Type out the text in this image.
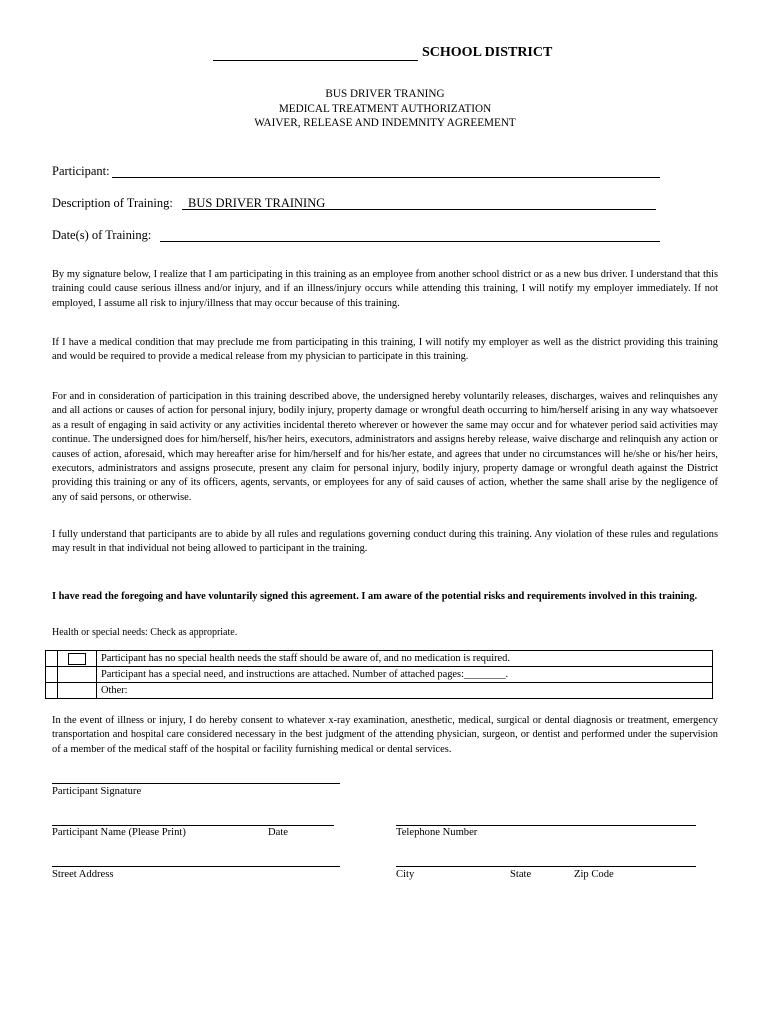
SCHOOL DISTRICT
BUS DRIVER TRANING
MEDICAL TREATMENT AUTHORIZATION
WAIVER, RELEASE AND INDEMNITY AGREEMENT
Participant:
Description of Training: BUS DRIVER TRAINING
Date(s) of Training:
By my signature below, I realize that I am participating in this training as an employee from another school district or as a new bus driver. I understand that this training could cause serious illness and/or injury, and if an illness/injury occurs while attending this training, I will notify my employer immediately. If not employed, I assume all risk to injury/illness that may occur because of this training.
If I have a medical condition that may preclude me from participating in this training, I will notify my employer as well as the district providing this training and would be required to provide a medical release from my physician to participate in this training.
For and in consideration of participation in this training described above, the undersigned hereby voluntarily releases, discharges, waives and relinquishes any and all actions or causes of action for personal injury, bodily injury, property damage or wrongful death occurring to him/herself arising in any way whatsoever as a result of engaging in said activity or any activities incidental thereto wherever or however the same may occur and for whatever period said activities may continue. The undersigned does for him/herself, his/her heirs, executors, administrators and assigns hereby release, waive discharge and relinquish any action or causes of action, aforesaid, which may hereafter arise for him/herself and for his/her estate, and agrees that under no circumstances will he/she or his/her heirs, executors, administrators and assigns prosecute, present any claim for personal injury, bodily injury, property damage or wrongful death against the District providing this training or any of its officers, agents, servants, or employees for any of said causes of action, whether the same shall arise by the negligence of any of said persons, or otherwise.
I fully understand that participants are to abide by all rules and regulations governing conduct during this training. Any violation of these rules and regulations may result in that individual not being allowed to participant in the training.
I have read the foregoing and have voluntarily signed this agreement. I am aware of the potential risks and requirements involved in this training.
Health or special needs: Check as appropriate.

	Participant has no special health needs the staff should be aware of, and no medication is required.
		Participant has a special need, and instructions are attached. Number of attached pages:________.
		Other:
In the event of illness or injury, I do hereby consent to whatever x-ray examination, anesthetic, medical, surgical or dental diagnosis or treatment, emergency transportation and hospital care considered necessary in the best judgment of the attending physician, surgeon, or dentist and performed under the supervision of a member of the medical staff of the hospital or facility furnishing medical or dental services.
Participant Signature
Participant Name (Please Print)	Date	Telephone Number
Street Address	City	State	Zip Code
